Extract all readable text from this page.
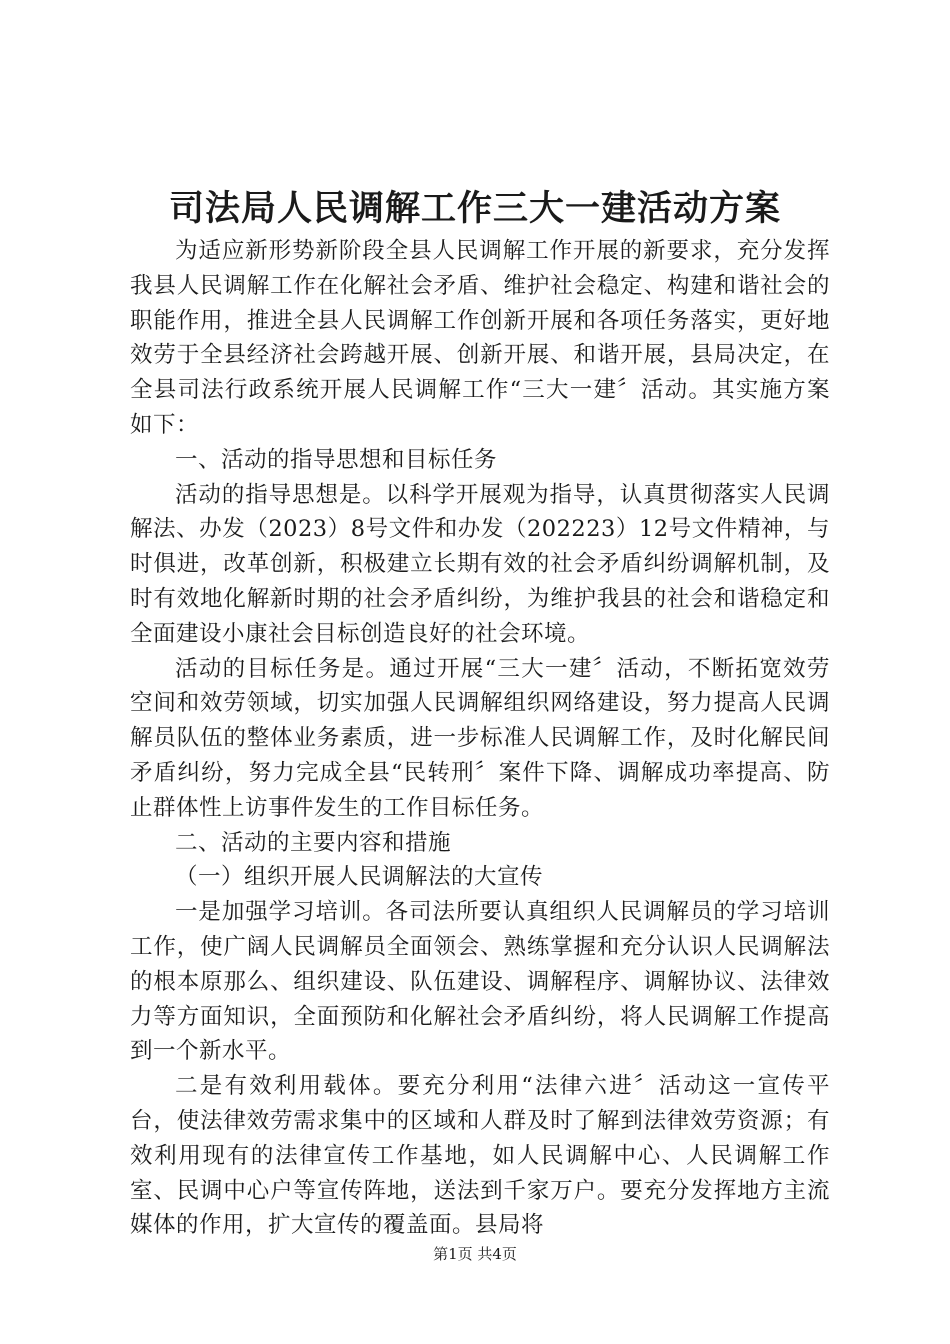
司法局人民调解工作三大一建活动方案

为适应新形势新阶段全县人民调解工作开展的新要求，充分发挥我县人民调解工作在化解社会矛盾、维护社会稳定、构建和谐社会的职能作用，推进全县人民调解工作创新开展和各项任务落实，更好地效劳于全县经济社会跨越开展、创新开展、和谐开展，县局决定，在全县司法行政系统开展人民调解工作“三大一建〞活动。其实施方案如下：

一、活动的指导思想和目标任务

活动的指导思想是。以科学开展观为指导，认真贯彻落实人民调解法、办发（2023）8号文件和办发（202223）12号文件精神，与时俱进，改革创新，积极建立长期有效的社会矛盾纠纷调解机制，及时有效地化解新时期的社会矛盾纠纷，为维护我县的社会和谐稳定和全面建设小康社会目标创造良好的社会环境。

活动的目标任务是。通过开展“三大一建〞活动，不断拓宽效劳空间和效劳领域，切实加强人民调解组织网络建设，努力提高人民调解员队伍的整体业务素质，进一步标准人民调解工作，及时化解民间矛盾纠纷，努力完成全县“民转刑〞案件下降、调解成功率提高、防止群体性上访事件发生的工作目标任务。

二、活动的主要内容和措施

（一）组织开展人民调解法的大宣传

一是加强学习培训。各司法所要认真组织人民调解员的学习培训工作，使广阔人民调解员全面领会、熟练掌握和充分认识人民调解法的根本原那么、组织建设、队伍建设、调解程序、调解协议、法律效力等方面知识，全面预防和化解社会矛盾纠纷，将人民调解工作提高到一个新水平。

二是有效利用载体。要充分利用“法律六进〞活动这一宣传平台，使法律效劳需求集中的区域和人群及时了解到法律效劳资源；有效利用现有的法律宣传工作基地，如人民调解中心、人民调解工作室、民调中心户等宣传阵地，送法到千家万户。要充分发挥地方主流媒体的作用，扩大宣传的覆盖面。县局将

第1页 共4页
